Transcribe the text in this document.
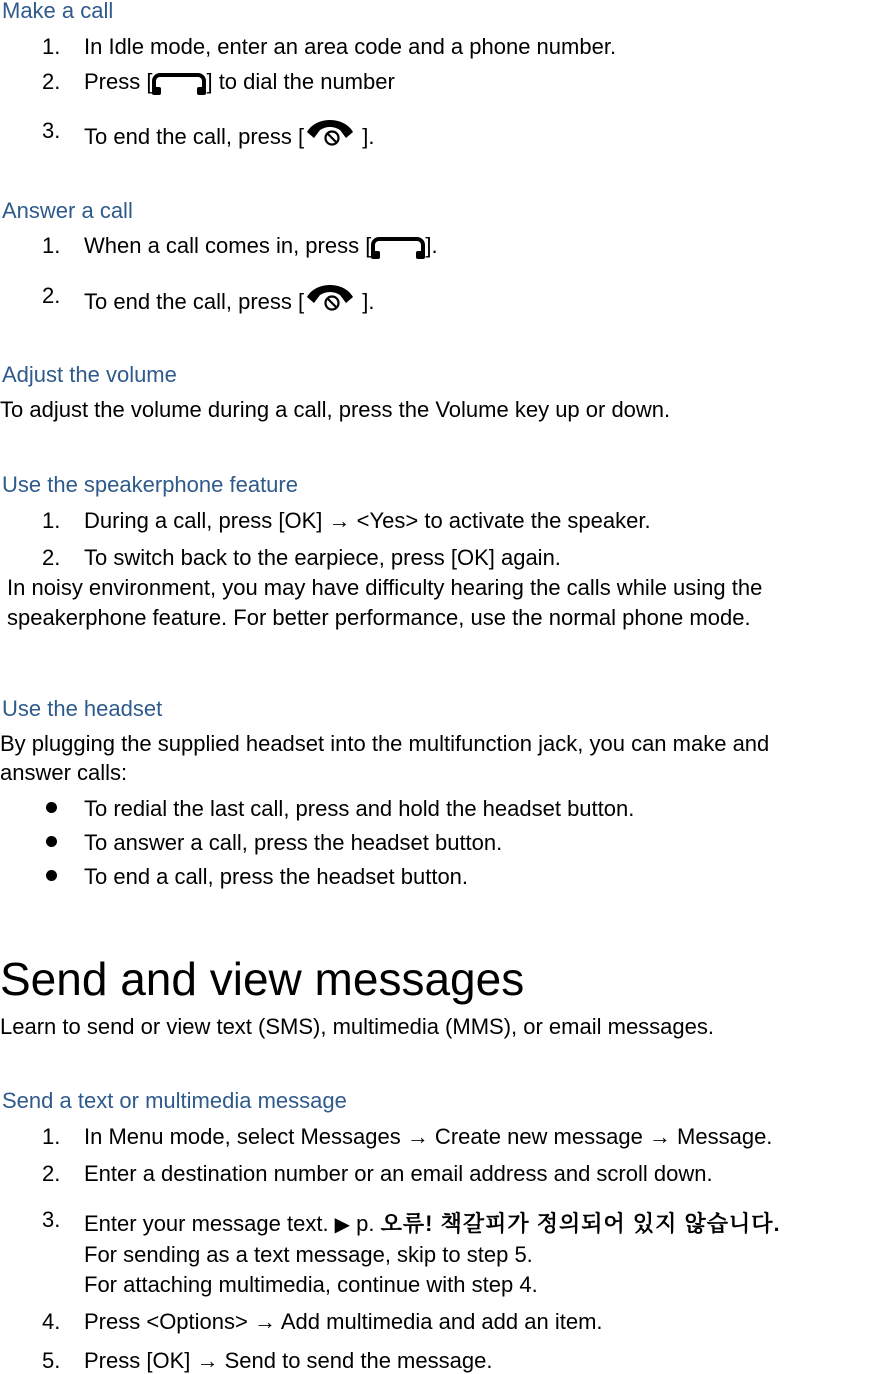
Make a call
1. In Idle mode, enter an area code and a phone number.
2. Press [ ] to dial the number
3. To end the call, press [ ].
Answer a call
1. When a call comes in, press [ ].
2. To end the call, press [ ].
Adjust the volume
To adjust the volume during a call, press the Volume key up or down.
Use the speakerphone feature
1. During a call, press [OK] → <Yes> to activate the speaker.
2. To switch back to the earpiece, press [OK] again.
In noisy environment, you may have difficulty hearing the calls while using the
speakerphone feature. For better performance, use the normal phone mode.
Use the headset
By plugging the supplied headset into the multifunction jack, you can make and
answer calls:
To redial the last call, press and hold the headset button.
To answer a call, press the headset button.
To end a call, press the headset button.
Send and view messages
Learn to send or view text (SMS), multimedia (MMS), or email messages.
Send a text or multimedia message
1. In Menu mode, select Messages → Create new message → Message.
2. Enter a destination number or an email address and scroll down.
3. Enter your message text. ▶ p. 오류! 책갈피가 정의되어 있지 않습니다.
For sending as a text message, skip to step 5.
For attaching multimedia, continue with step 4.
4. Press <Options> → Add multimedia and add an item.
5. Press [OK] → Send to send the message.
